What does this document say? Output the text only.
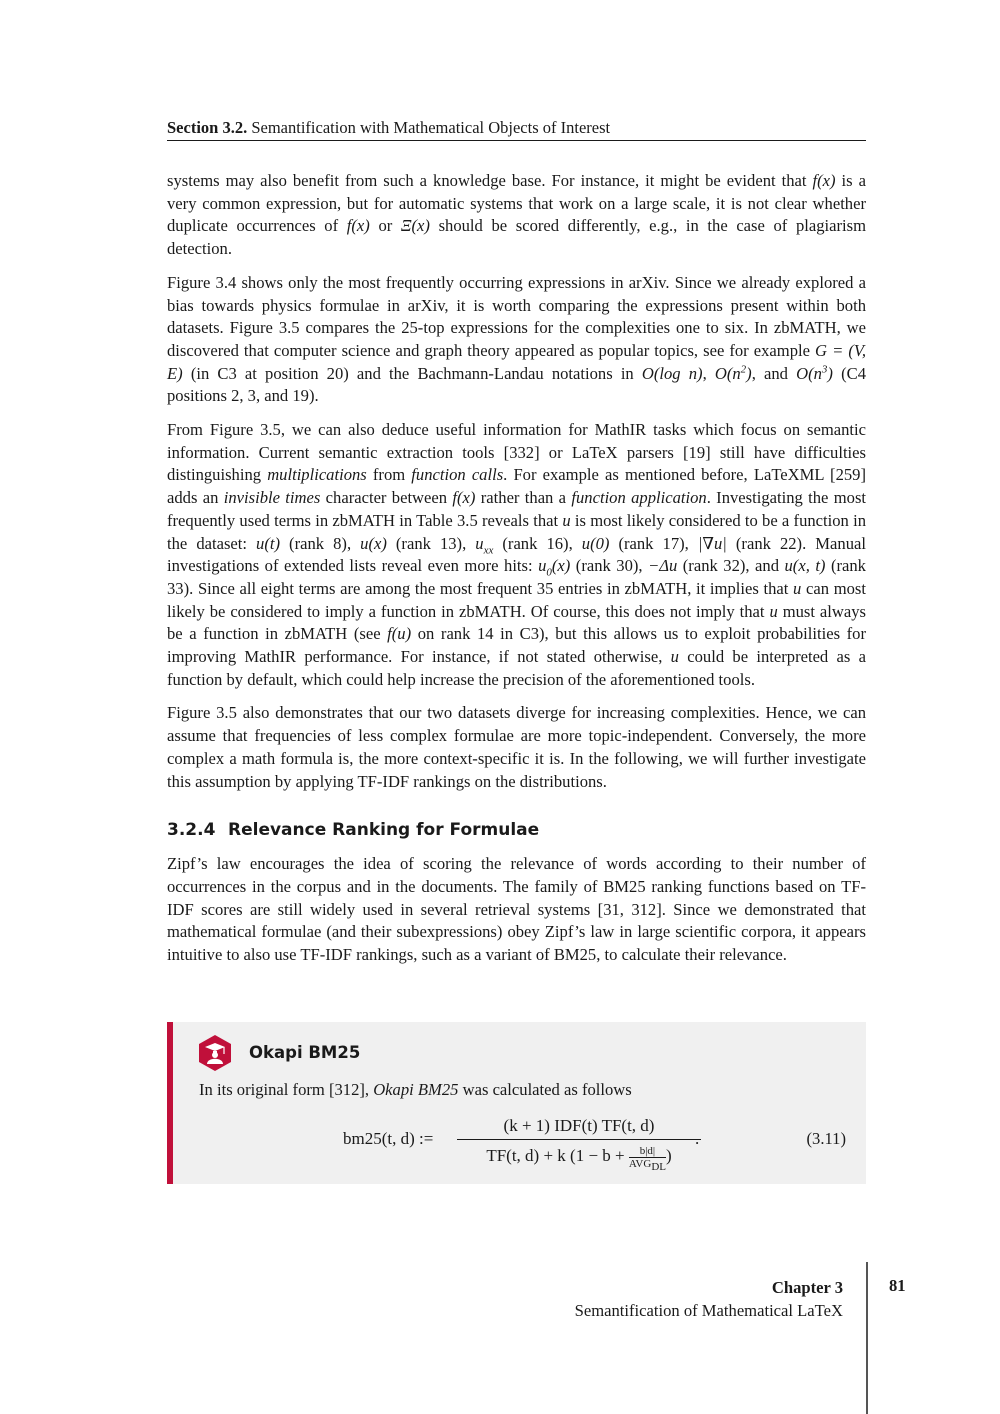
Section 3.2. Semantification with Mathematical Objects of Interest

systems may also benefit from such a knowledge base. For instance, it might be evident that f(x) is a very common expression, but for automatic systems that work on a large scale, it is not clear whether duplicate occurrences of f(x) or Ξ(x) should be scored differently, e.g., in the case of plagiarism detection.

Figure 3.4 shows only the most frequently occurring expressions in arXiv. Since we already explored a bias towards physics formulae in arXiv, it is worth comparing the expressions present within both datasets. Figure 3.5 compares the 25-top expressions for the complexities one to six. In zbMATH, we discovered that computer science and graph theory appeared as popular topics, see for example G = (V, E) (in C3 at position 20) and the Bachmann-Landau notations in O(log n), $O(n^2)$, and $O(n^3)$ (C4 positions 2, 3, and 19).

From Figure 3.5, we can also deduce useful information for MathIR tasks which focus on semantic information. Current semantic extraction tools [332] or LaTeX parsers [19] still have difficulties distinguishing multiplications from function calls. For example as mentioned before, LaTeXML [259] adds an invisible times character between f(x) rather than a function application. Investigating the most frequently used terms in zbMATH in Table 3.5 reveals that u is most likely considered to be a function in the dataset: u(t) (rank 8), u(x) (rank 13), $u_{xx}$ (rank 16), u(0) (rank 17), |∇u| (rank 22). Manual investigations of extended lists reveal even more hits: $u_0(x)$ (rank 30), −Δu (rank 32), and u(x, t) (rank 33). Since all eight terms are among the most frequent 35 entries in zbMATH, it implies that u can most likely be considered to imply a function in zbMATH. Of course, this does not imply that u must always be a function in zbMATH (see f(u) on rank 14 in C3), but this allows us to exploit probabilities for improving MathIR performance. For instance, if not stated otherwise, u could be interpreted as a function by default, which could help increase the precision of the aforementioned tools.

Figure 3.5 also demonstrates that our two datasets diverge for increasing complexities. Hence, we can assume that frequencies of less complex formulae are more topic-independent. Conversely, the more complex a math formula is, the more context-specific it is. In the following, we will further investigate this assumption by applying TF-IDF rankings on the distributions.

3.2.4 Relevance Ranking for Formulae

Zipf’s law encourages the idea of scoring the relevance of words according to their number of occurrences in the corpus and in the documents. The family of BM25 ranking functions based on TF-IDF scores are still widely used in several retrieval systems [31, 312]. Since we demonstrated that mathematical formulae (and their subexpressions) obey Zipf’s law in large scientific corpora, it appears intuitive to also use TF-IDF rankings, such as a variant of BM25, to calculate their relevance.

Okapi BM25
In its original form [312], Okapi BM25 was calculated as follows
bm25(t, d) :=
(k + 1) IDF(t) TF(t, d)
TF(t, d) + k $(1 - b + \frac{b|d|}{AVG_{DL}})$
.	(3.11)
Chapter 3
Semantification of Mathematical LaTeX
81
